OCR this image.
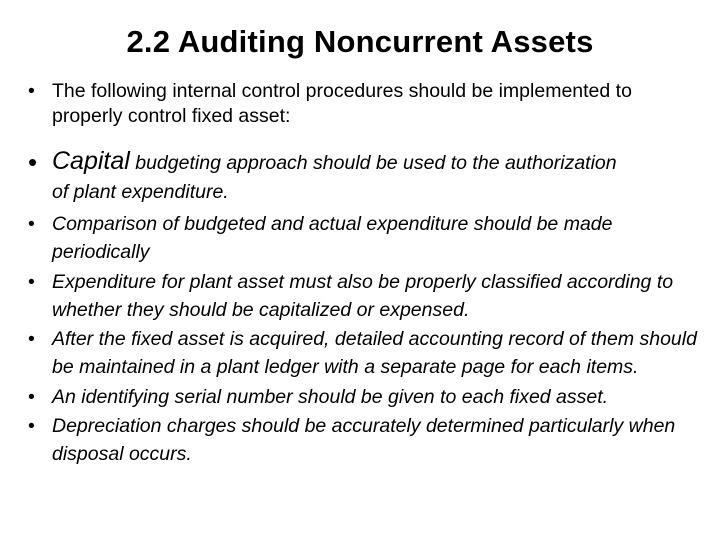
2.2 Auditing Noncurrent Assets
• The following internal control procedures should be implemented to properly control fixed asset:
• Capital budgeting approach should be used to the authorization
of plant expenditure.
• Comparison of budgeted and actual expenditure should be made periodically
• Expenditure for plant asset must also be properly classified according to whether they should be capitalized or expensed.
• After the fixed asset is acquired, detailed accounting record of them should be maintained in a plant ledger with a separate page for each items.
• An identifying serial number should be given to each fixed asset.
• Depreciation charges should be accurately determined particularly when disposal occurs.
